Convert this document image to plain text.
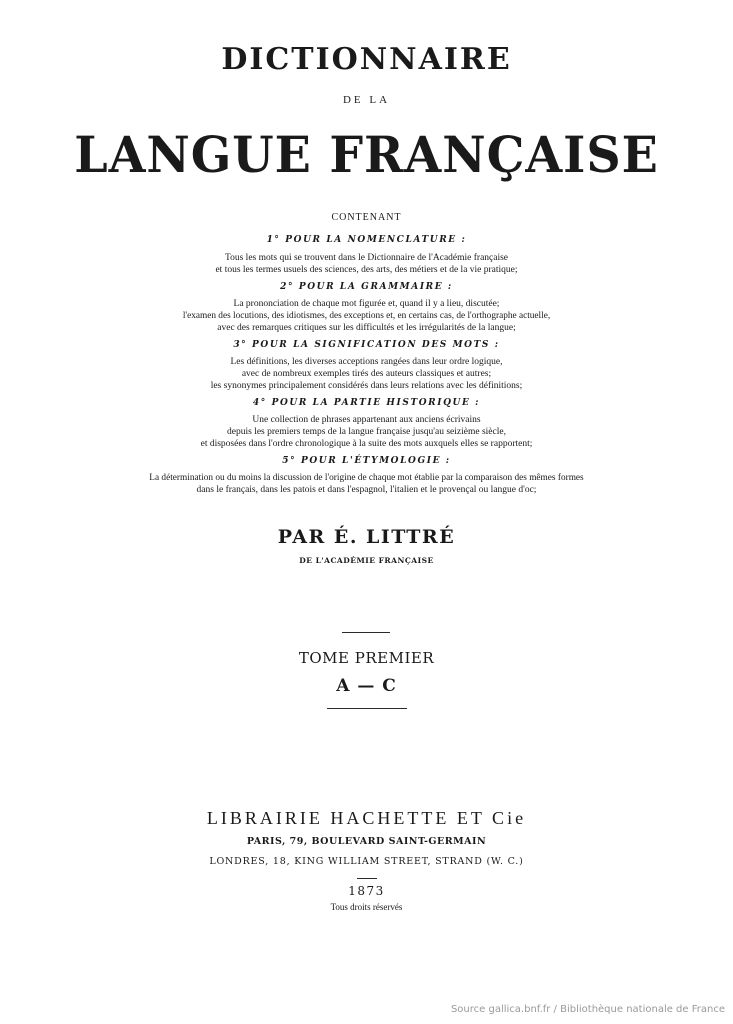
DICTIONNAIRE
DE LA
LANGUE FRANÇAISE
CONTENANT
1° POUR LA NOMENCLATURE :
Tous les mots qui se trouvent dans le Dictionnaire de l'Académie française
et tous les termes usuels des sciences, des arts, des métiers et de la vie pratique;
2° POUR LA GRAMMAIRE :
La prononciation de chaque mot figurée et, quand il y a lieu, discutée;
l'examen des locutions, des idiotismes, des exceptions et, en certains cas, de l'orthographe actuelle,
avec des remarques critiques sur les difficultés et les irrégularités de la langue;
3° POUR LA SIGNIFICATION DES MOTS :
Les définitions, les diverses acceptions rangées dans leur ordre logique,
avec de nombreux exemples tirés des auteurs classiques et autres;
les synonymes principalement considérés dans leurs relations avec les définitions;
4° POUR LA PARTIE HISTORIQUE :
Une collection de phrases appartenant aux anciens écrivains
depuis les premiers temps de la langue française jusqu'au seizième siècle,
et disposées dans l'ordre chronologique à la suite des mots auxquels elles se rapportent;
5° POUR L'ÉTYMOLOGIE :
La détermination ou du moins la discussion de l'origine de chaque mot établie par la comparaison des mêmes formes
dans le français, dans les patois et dans l'espagnol, l'italien et le provençal ou langue d'oc;
PAR É. LITTRÉ
DE L'ACADÉMIE FRANÇAISE
TOME PREMIER
A — C
LIBRAIRIE HACHETTE ET Cie
PARIS, 79, BOULEVARD SAINT-GERMAIN
LONDRES, 18, KING WILLIAM STREET, STRAND (W. C.)
1873
Tous droits réservés
Source gallica.bnf.fr / Bibliothèque nationale de France
